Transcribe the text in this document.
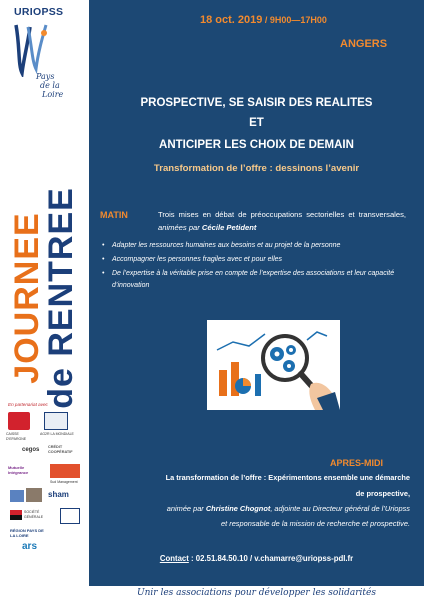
URIOPSS
Pays
de la
Loire
JOURNEE
de RENTREE
En partenariat avec
CAISSE D'EPARGNE
AG2R LA MONDIALE
CRÉDIT COOPÉRATIF
cegos
Mutuelle Intégrance
Sud Management
sham
SOCIÉTÉ GÉNÉRALE
RÉGION PAYS DE LA LOIRE
ars
18 oct. 2019 / 9H00—17H00
ANGERS
PROSPECTIVE, SE SAISIR DES REALITES
ET
ANTICIPER LES CHOIX DE DEMAIN
Transformation de l’offre : dessinons l’avenir
MATIN	Trois mises en débat de préoccupations sectorielles et transversales, animées par Cécile Petident
• Adapter les ressources humaines aux besoins et au projet de la personne
• Accompagner les personnes fragiles avec et pour elles
• De l’expertise à la véritable prise en compte de l’expertise des associations et leur capacité d’innovation
APRES-MIDI
La transformation de l’offre : Expérimentons ensemble une démarche
de prospective,
animée par Christine Chognot, adjointe au Directeur général de l’Uriopss
et responsable de la mission de recherche et prospective.
Contact : 02.51.84.50.10 / v.chamarre@uriopss-pdl.fr
Unir les associations pour développer les solidarités
